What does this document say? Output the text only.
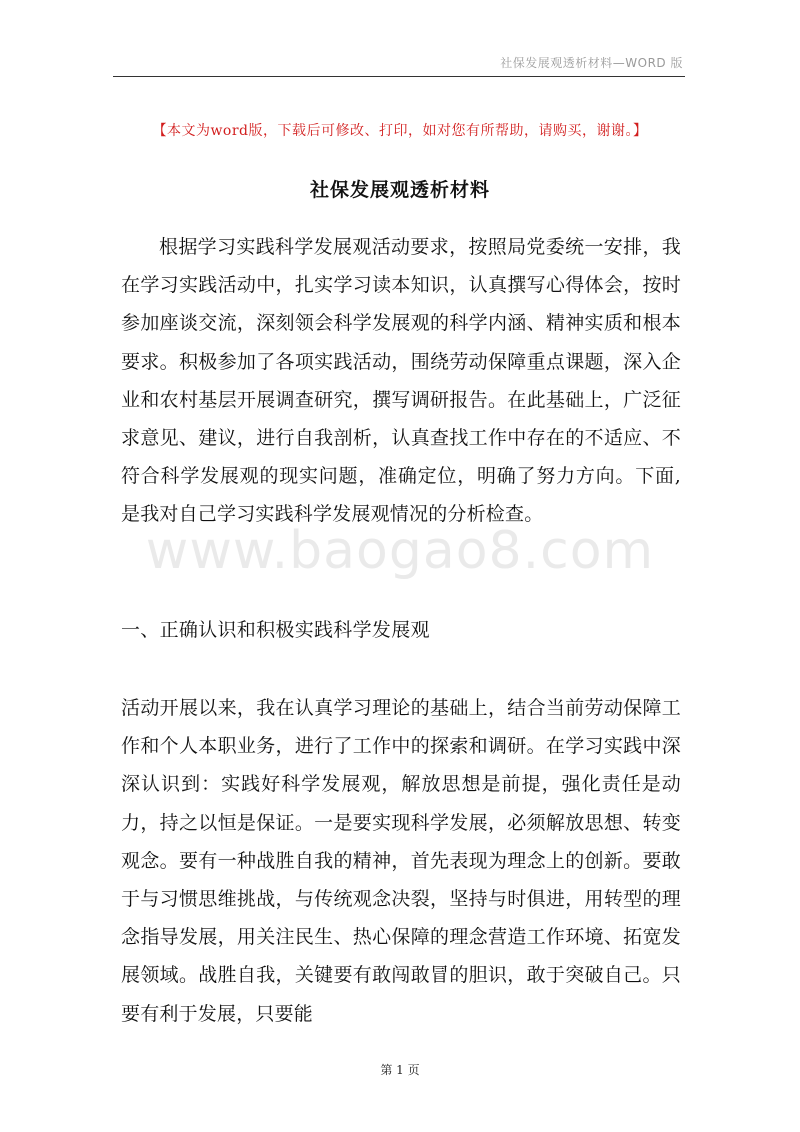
社保发展观透析材料—WORD 版
【本文为word版，下载后可修改、打印，如对您有所帮助，请购买，谢谢。】
社保发展观透析材料

根据学习实践科学发展观活动要求，按照局党委统一安排，我在学习实践活动中，扎实学习读本知识，认真撰写心得体会，按时参加座谈交流，深刻领会科学发展观的科学内涵、精神实质和根本要求。积极参加了各项实践活动，围绕劳动保障重点课题，深入企业和农村基层开展调查研究，撰写调研报告。在此基础上，广泛征求意见、建议，进行自我剖析，认真查找工作中存在的不适应、不符合科学发展观的现实问题，准确定位，明确了努力方向。下面,是我对自己学习实践科学发展观情况的分析检查。

www.baogao8.com
一、正确认识和积极实践科学发展观

活动开展以来，我在认真学习理论的基础上，结合当前劳动保障工作和个人本职业务，进行了工作中的探索和调研。在学习实践中深深认识到：实践好科学发展观，解放思想是前提，强化责任是动力，持之以恒是保证。一是要实现科学发展，必须解放思想、转变观念。要有一种战胜自我的精神，首先表现为理念上的创新。要敢于与习惯思维挑战，与传统观念决裂，坚持与时俱进，用转型的理念指导发展，用关注民生、热心保障的理念营造工作环境、拓宽发展领域。战胜自我，关键要有敢闯敢冒的胆识，敢于突破自己。只要有利于发展，只要能

第 1 页
